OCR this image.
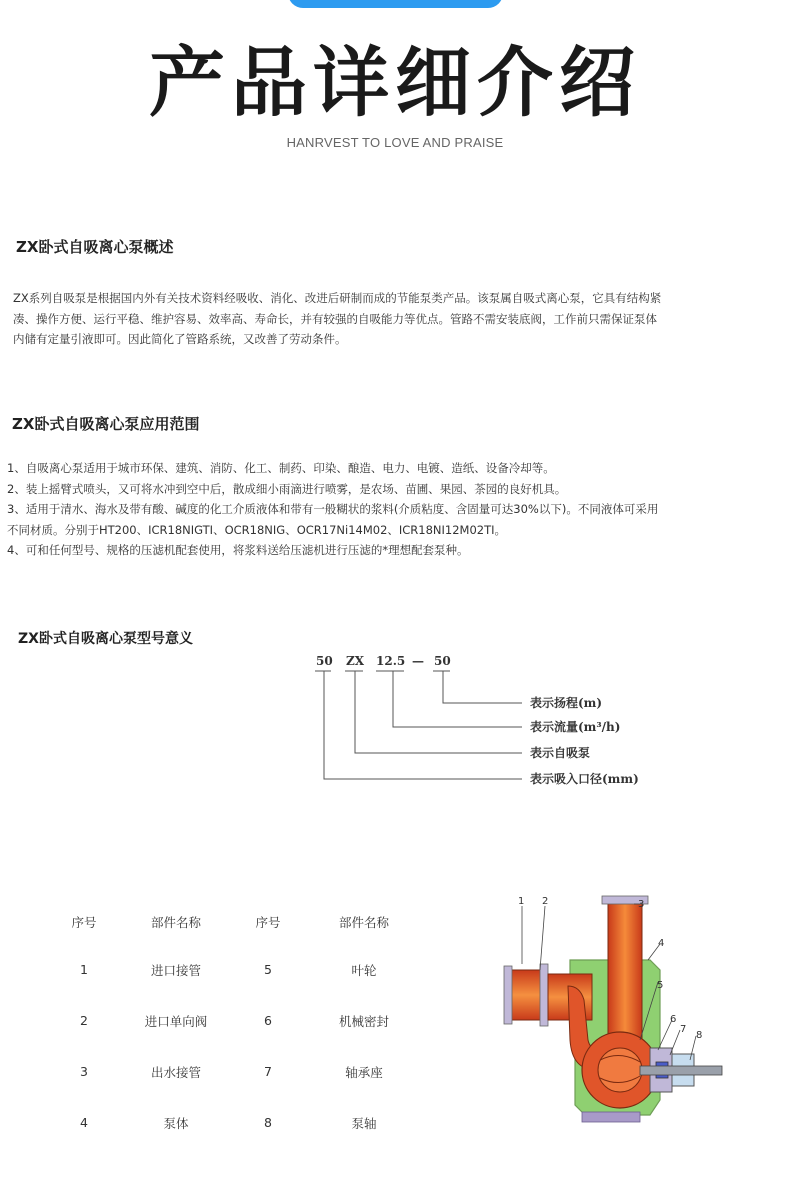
产品详细介绍
HANRVEST TO LOVE AND PRAISE
ZX卧式自吸离心泵概述

ZX系列自吸泵是根据国内外有关技术资料经吸收、消化、改进后研制而成的节能泵类产品。该泵属自吸式离心泵，它具有结构紧

凑、操作方便、运行平稳、维护容易、效率高、寿命长，并有较强的自吸能力等优点。管路不需安装底阀，工作前只需保证泵体

内储有定量引液即可。因此简化了管路系统，又改善了劳动条件。

ZX卧式自吸离心泵应用范围

1、自吸离心泵适用于城市环保、建筑、消防、化工、制药、印染、酿造、电力、电镀、造纸、设备冷却等。

2、装上摇臂式喷头，又可将水冲到空中后，散成细小雨滴进行喷雾，是农场、苗圃、果园、茶园的良好机具。

3、适用于清水、海水及带有酸、碱度的化工介质液体和带有一般糊状的浆料(介质粘度、含固量可达30%以下)。不同液体可采用

不同材质。分别于HT200、ICR18NIGTI、OCR18NIG、OCR17Ni14M02、ICR18NI12M02TI。

4、可和任何型号、规格的压滤机配套使用，将浆料送给压滤机进行压滤的*理想配套泵种。

ZX卧式自吸离心泵型号意义
50 ZX 12.5 — 50
表示扬程(m)
表示流量(m³/h)
表示自吸泵
表示吸入口径(mm)
序号	部件名称	序号	部件名称
1	进口接管	5	叶轮
2	进口单向阀	6	机械密封
3	出水接管	7	轴承座
4	泵体	8	泵轴
1 2	3
4
5
6
7
8
